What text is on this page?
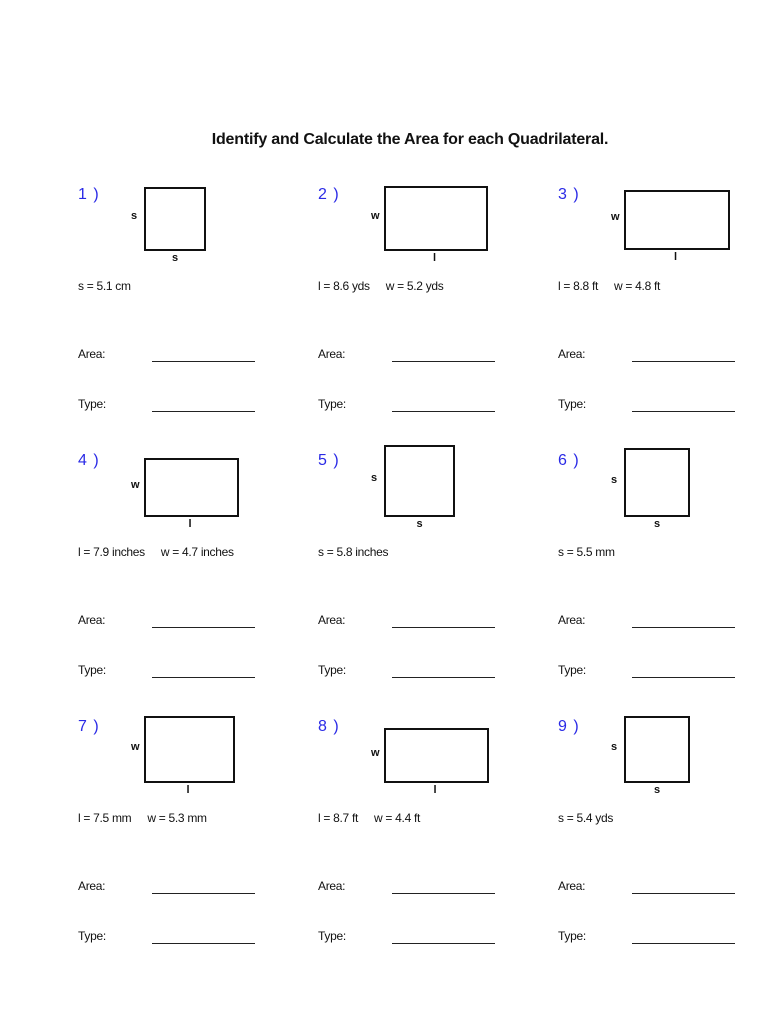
Identify and Calculate the Area for each Quadrilateral.
1 )
s
s
s = 5.1 cm
Area:
Type:
2 )
w
l
l = 8.6 yds w = 5.2 yds
Area:
Type:
3 )
w
l
l = 8.8 ft w = 4.8 ft
Area:
Type:
4 )
w
l
l = 7.9 inches w = 4.7 inches
Area:
Type:
5 )
s
s
s = 5.8 inches
Area:
Type:
6 )
s
s
s = 5.5 mm
Area:
Type:
7 )
w
l
l = 7.5 mm w = 5.3 mm
Area:
Type:
8 )
w
l
l = 8.7 ft w = 4.4 ft
Area:
Type:
9 )
s
s
s = 5.4 yds
Area:
Type:
